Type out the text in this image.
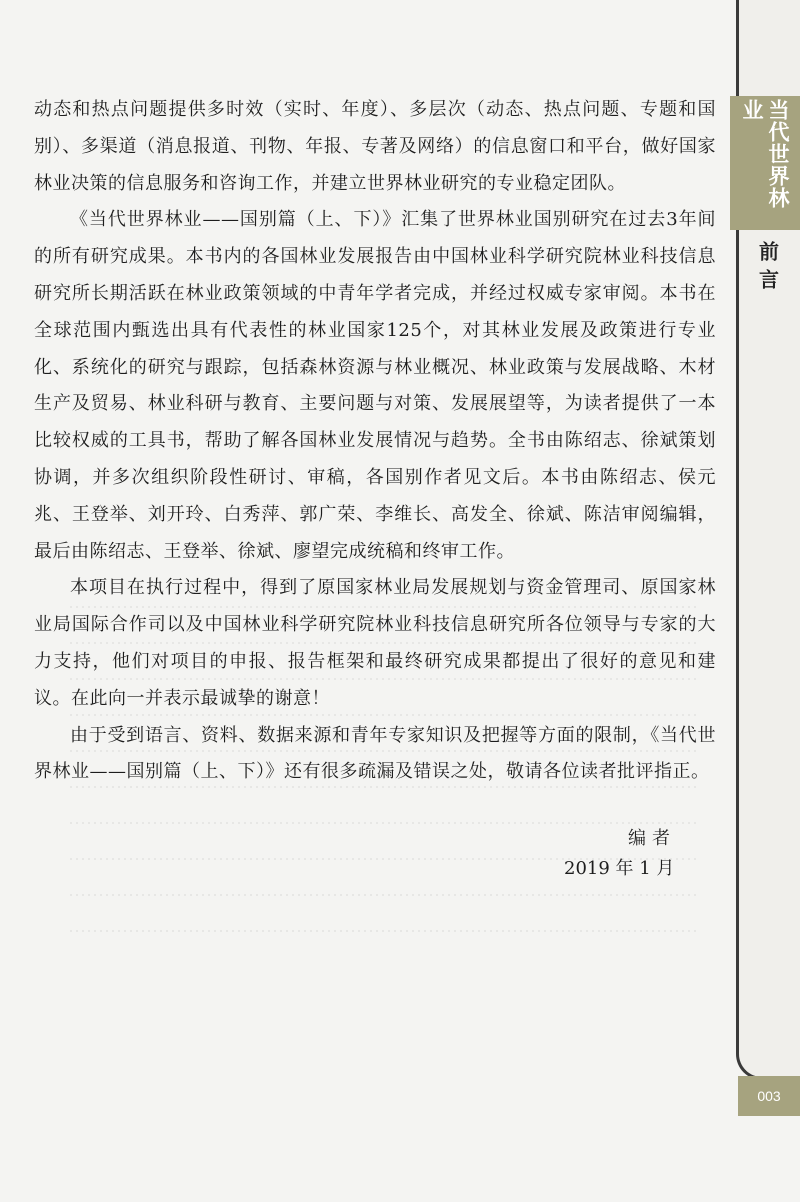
当代世界林业
前言
003

动态和热点问题提供多时效（实时、年度）、多层次（动态、热点问题、专题和国别）、多渠道（消息报道、刊物、年报、专著及网络）的信息窗口和平台，做好国家林业决策的信息服务和咨询工作，并建立世界林业研究的专业稳定团队。

《当代世界林业——国别篇（上、下）》汇集了世界林业国别研究在过去3年间的所有研究成果。本书内的各国林业发展报告由中国林业科学研究院林业科技信息研究所长期活跃在林业政策领域的中青年学者完成，并经过权威专家审阅。本书在全球范围内甄选出具有代表性的林业国家125个，对其林业发展及政策进行专业化、系统化的研究与跟踪，包括森林资源与林业概况、林业政策与发展战略、木材生产及贸易、林业科研与教育、主要问题与对策、发展展望等，为读者提供了一本比较权威的工具书，帮助了解各国林业发展情况与趋势。全书由陈绍志、徐斌策划协调，并多次组织阶段性研讨、审稿，各国别作者见文后。本书由陈绍志、侯元兆、王登举、刘开玲、白秀萍、郭广荣、李维长、高发全、徐斌、陈洁审阅编辑，最后由陈绍志、王登举、徐斌、廖望完成统稿和终审工作。

本项目在执行过程中，得到了原国家林业局发展规划与资金管理司、原国家林业局国际合作司以及中国林业科学研究院林业科技信息研究所各位领导与专家的大力支持，他们对项目的申报、报告框架和最终研究成果都提出了很好的意见和建议。在此向一并表示最诚挚的谢意！

由于受到语言、资料、数据来源和青年专家知识及把握等方面的限制，《当代世界林业——国别篇（上、下）》还有很多疏漏及错误之处，敬请各位读者批评指正。

编者
2019 年 1 月
